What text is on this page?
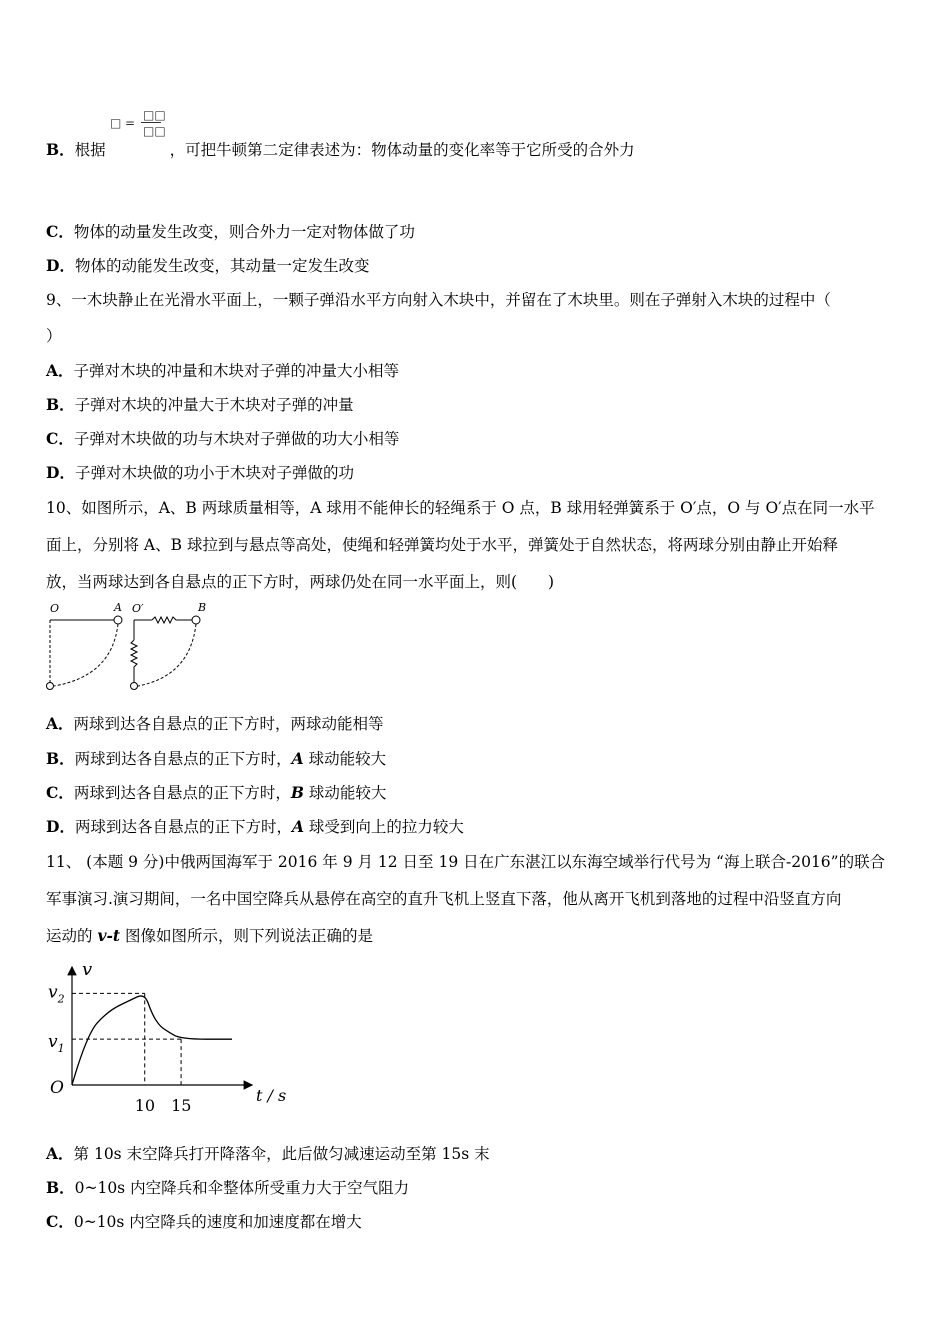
□ =
□□
□□
B．根据	，可把牛顿第二定律表述为：物体动量的变化率等于它所受的合外力
C．物体的动量发生改变，则合外力一定对物体做了功
D．物体的动能发生改变，其动量一定发生改变
9、一木块静止在光滑水平面上，一颗子弹沿水平方向射入木块中，并留在了木块里。则在子弹射入木块的过程中（
）
A．子弹对木块的冲量和木块对子弹的冲量大小相等
B．子弹对木块的冲量大于木块对子弹的冲量
C．子弹对木块做的功与木块对子弹做的功大小相等
D．子弹对木块做的功小于木块对子弹做的功
10、如图所示，A、B 两球质量相等，A 球用不能伸长的轻绳系于 O 点，B 球用轻弹簧系于 O′点，O 与 O′点在同一水平
面上，分别将 A、B 球拉到与悬点等高处，使绳和轻弹簧均处于水平，弹簧处于自然状态，将两球分别由静止开始释
放，当两球达到各自悬点的正下方时，两球仍处在同一水平面上，则(　　)
O	A O′	B
A．两球到达各自悬点的正下方时，两球动能相等
B．两球到达各自悬点的正下方时，A 球动能较大
C．两球到达各自悬点的正下方时，B 球动能较大
D．两球到达各自悬点的正下方时，A 球受到向上的拉力较大
11、 (本题 9 分)中俄两国海军于 2016 年 9 月 12 日至 19 日在广东湛江以东海空域举行代号为 “海上联合-2016”的联合
军事演习.演习期间，一名中国空降兵从悬停在高空的直升飞机上竖直下落，他从离开飞机到落地的过程中沿竖直方向
运动的 v-t 图像如图所示，则下列说法正确的是
v
t / s
O
$v_2$
$v_1$
10 15
A．第 10s 末空降兵打开降落伞，此后做匀减速运动至第 15s 末
B．0~10s 内空降兵和伞整体所受重力大于空气阻力
C．0~10s 内空降兵的速度和加速度都在增大
